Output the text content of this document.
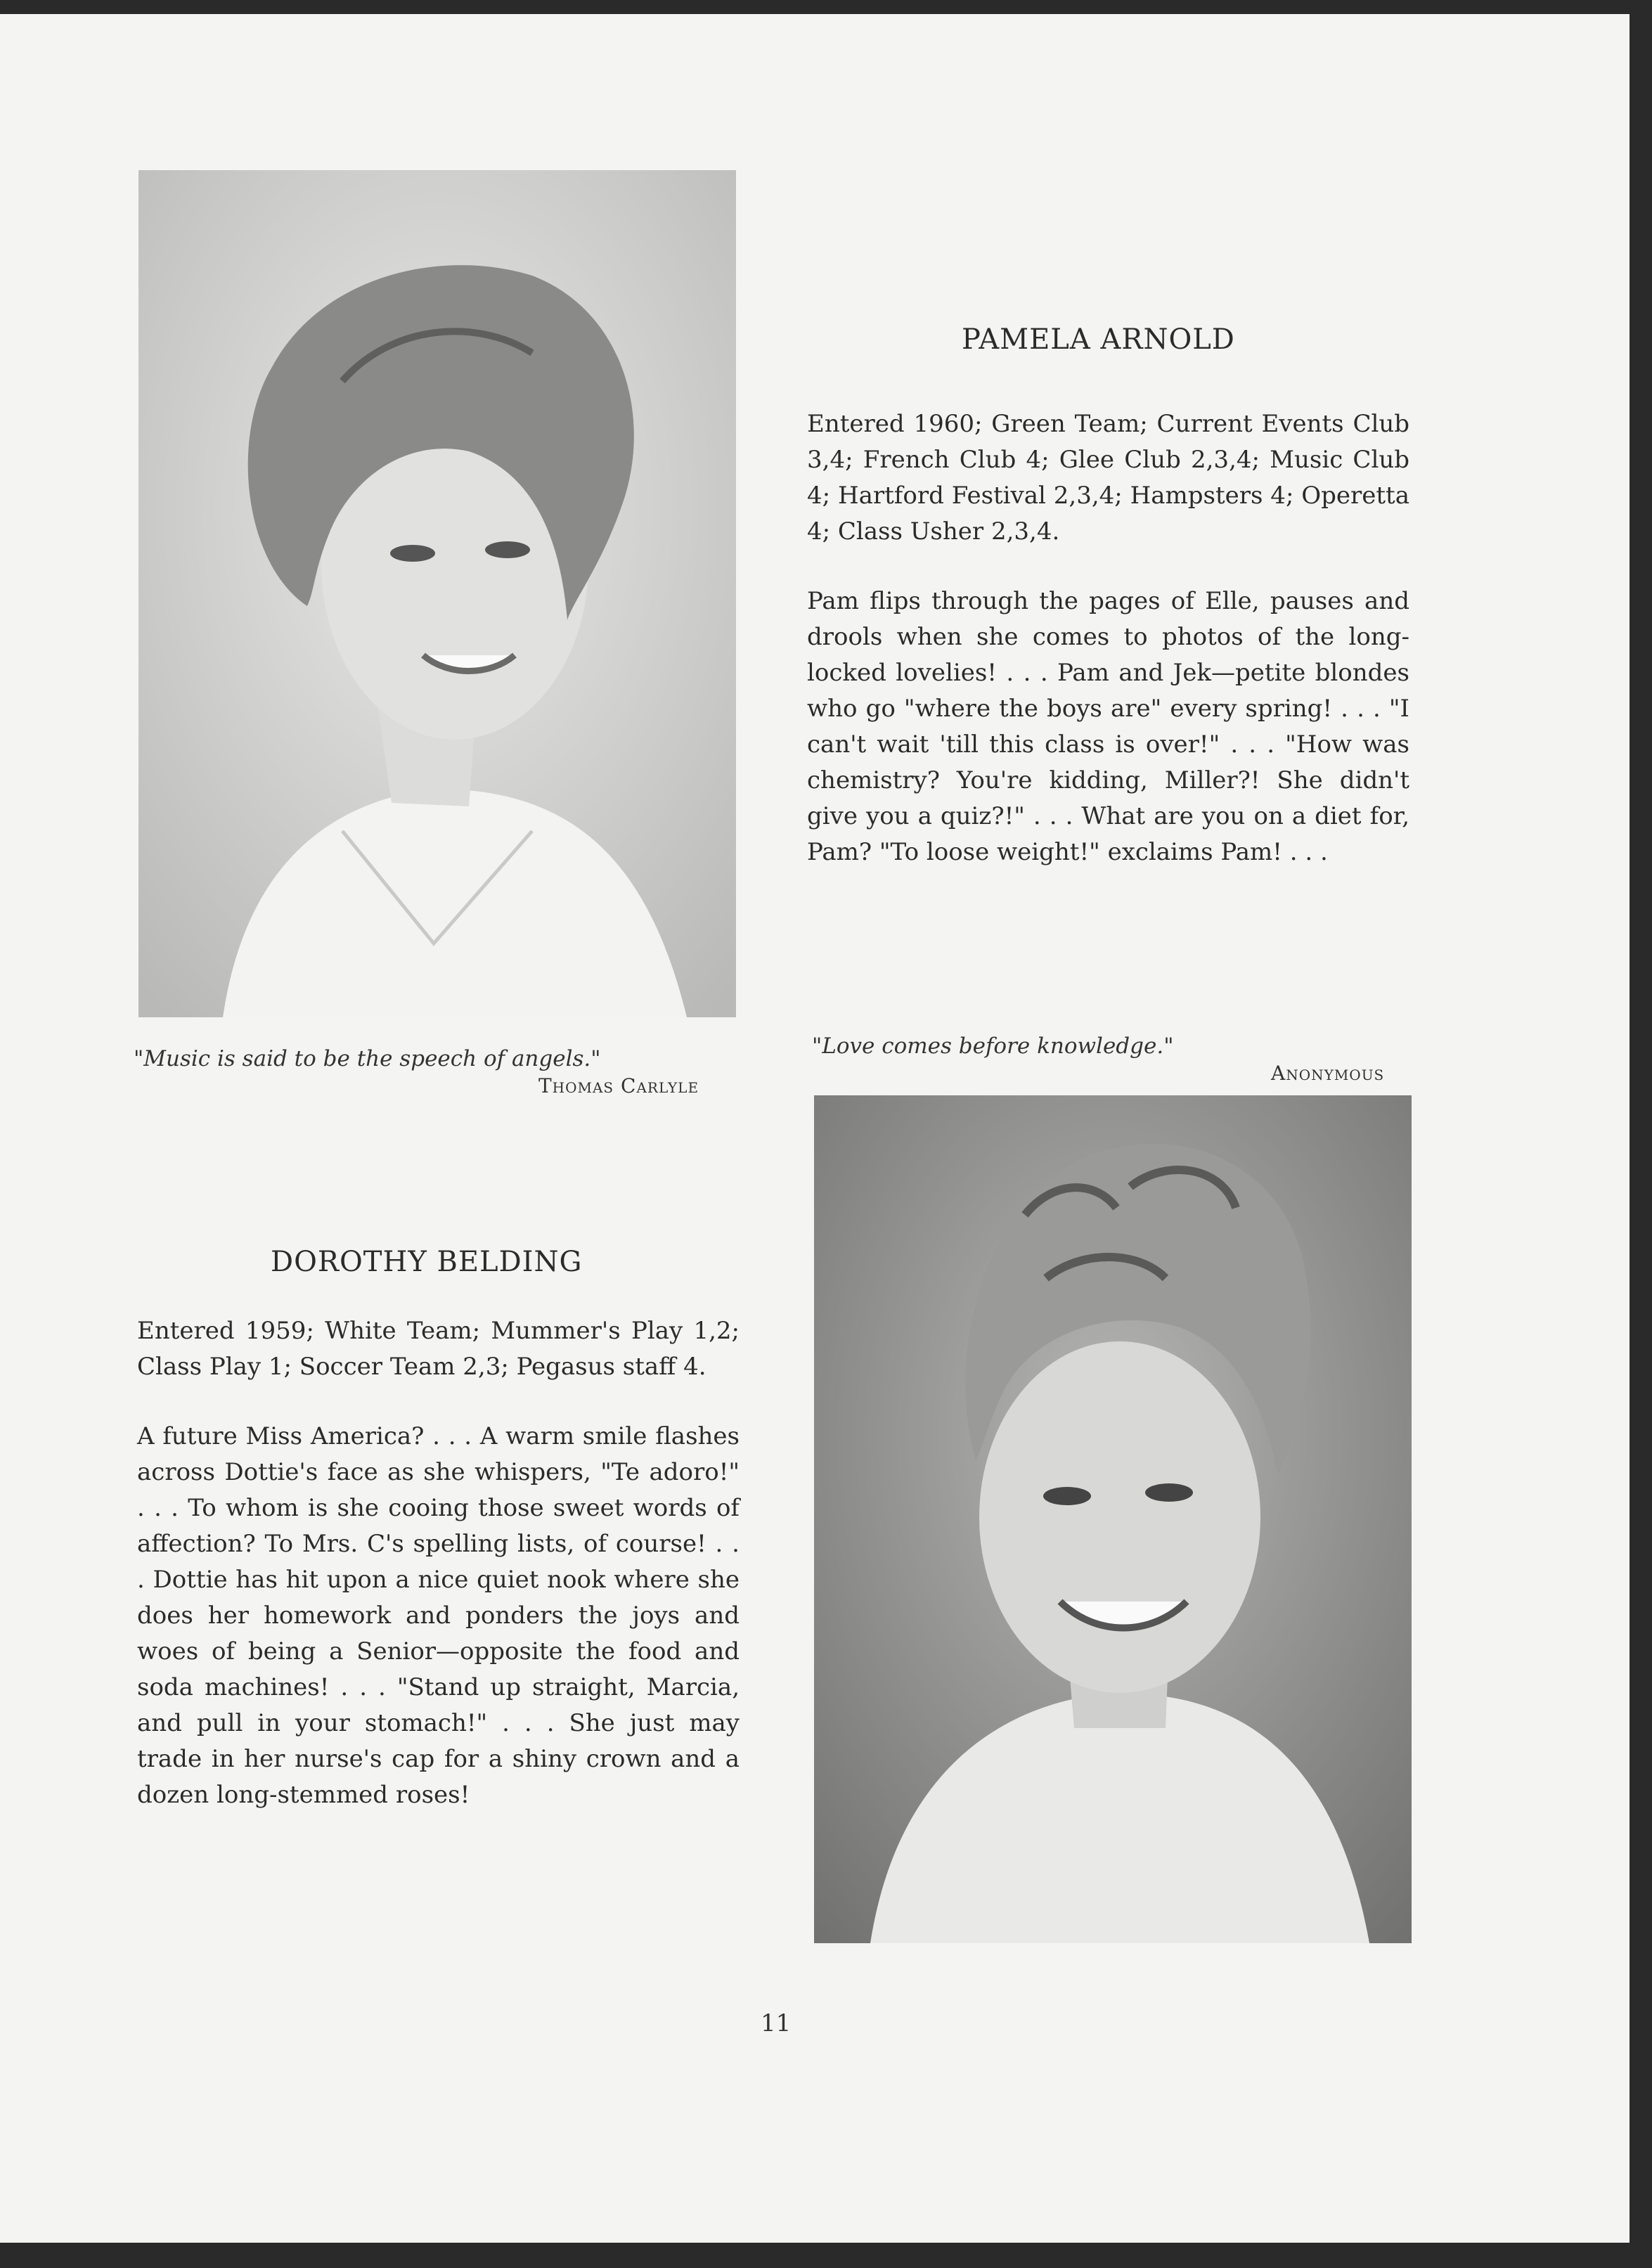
PAMELA ARNOLD
Entered 1960; Green Team; Current Events Club 3,4; French Club 4; Glee Club 2,3,4; Music Club 4; Hartford Festival 2,3,4; Hampsters 4; Operetta 4; Class Usher 2,3,4.
Pam flips through the pages of Elle, pauses and drools when she comes to photos of the long-locked lovelies! . . . Pam and Jek—petite blondes who go "where the boys are" every spring! . . . "I can't wait 'till this class is over!" . . . "How was chemistry? You're kidding, Miller?! She didn't give you a quiz?!" . . . What are you on a diet for, Pam? "To loose weight!" exclaims Pam! . . .
"Music is said to be the speech of angels."
Thomas Carlyle
"Love comes before knowledge."
Anonymous
DOROTHY BELDING
Entered 1959; White Team; Mummer's Play 1,2; Class Play 1; Soccer Team 2,3; Pegasus staff 4.
A future Miss America? . . . A warm smile flashes across Dottie's face as she whispers, "Te adoro!" . . . To whom is she cooing those sweet words of affection? To Mrs. C's spelling lists, of course! . . . Dottie has hit upon a nice quiet nook where she does her homework and ponders the joys and woes of being a Senior—opposite the food and soda machines! . . . "Stand up straight, Marcia, and pull in your stomach!" . . . She just may trade in her nurse's cap for a shiny crown and a dozen long-stemmed roses!
11
